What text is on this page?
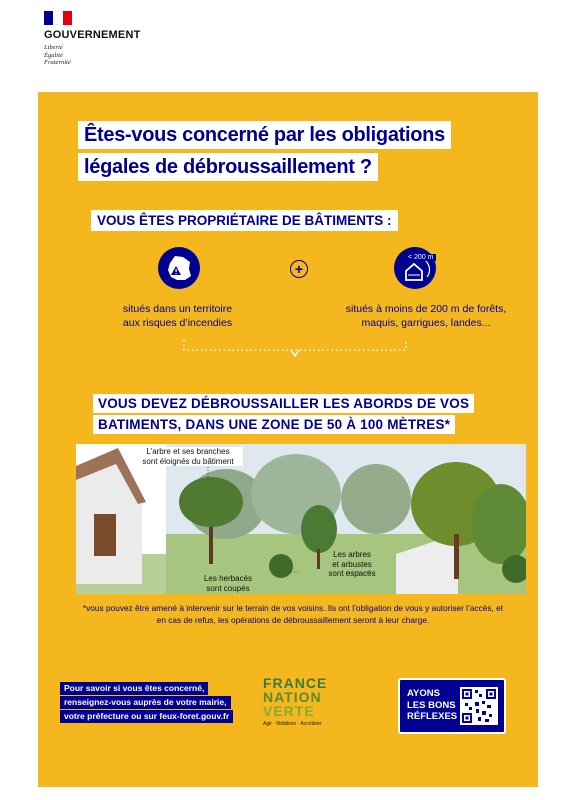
GOUVERNEMENT
Liberté
Égalité
Fraternité
Êtes-vous concerné par les obligations
légales de débroussaillement ?
VOUS ÊTES PROPRIÉTAIRE DE BÂTIMENTS :
+
< 200 m
situés dans un territoire
aux risques d’incendies
situés à moins de 200 m de forêts,
maquis, garrigues, landes...
VOUS DEVEZ DÉBROUSSAILLER LES ABORDS DE VOS
BATIMENTS, DANS UNE ZONE DE 50 À 100 MÈTRES*
L’arbre et ses branches
sont éloignés du bâtiment
Les herbacés
sont coupés
Les arbres
et arbustes
sont espacés
*vous pouvez être amené à intervenir sur le terrain de vos voisins. Ils ont l’obligation de vous y autoriser l’accès, et en cas de refus, les opérations de débroussaillement seront à leur charge.
Pour savoir si vous êtes concerné,
renseignez-vous auprès de votre mairie,
votre préfecture ou sur feux-foret.gouv.fr
FRANCE
NATION
VERTE
Agir · Mobiliser · Accélérer
AYONS
LES BONS
RÉFLEXES
